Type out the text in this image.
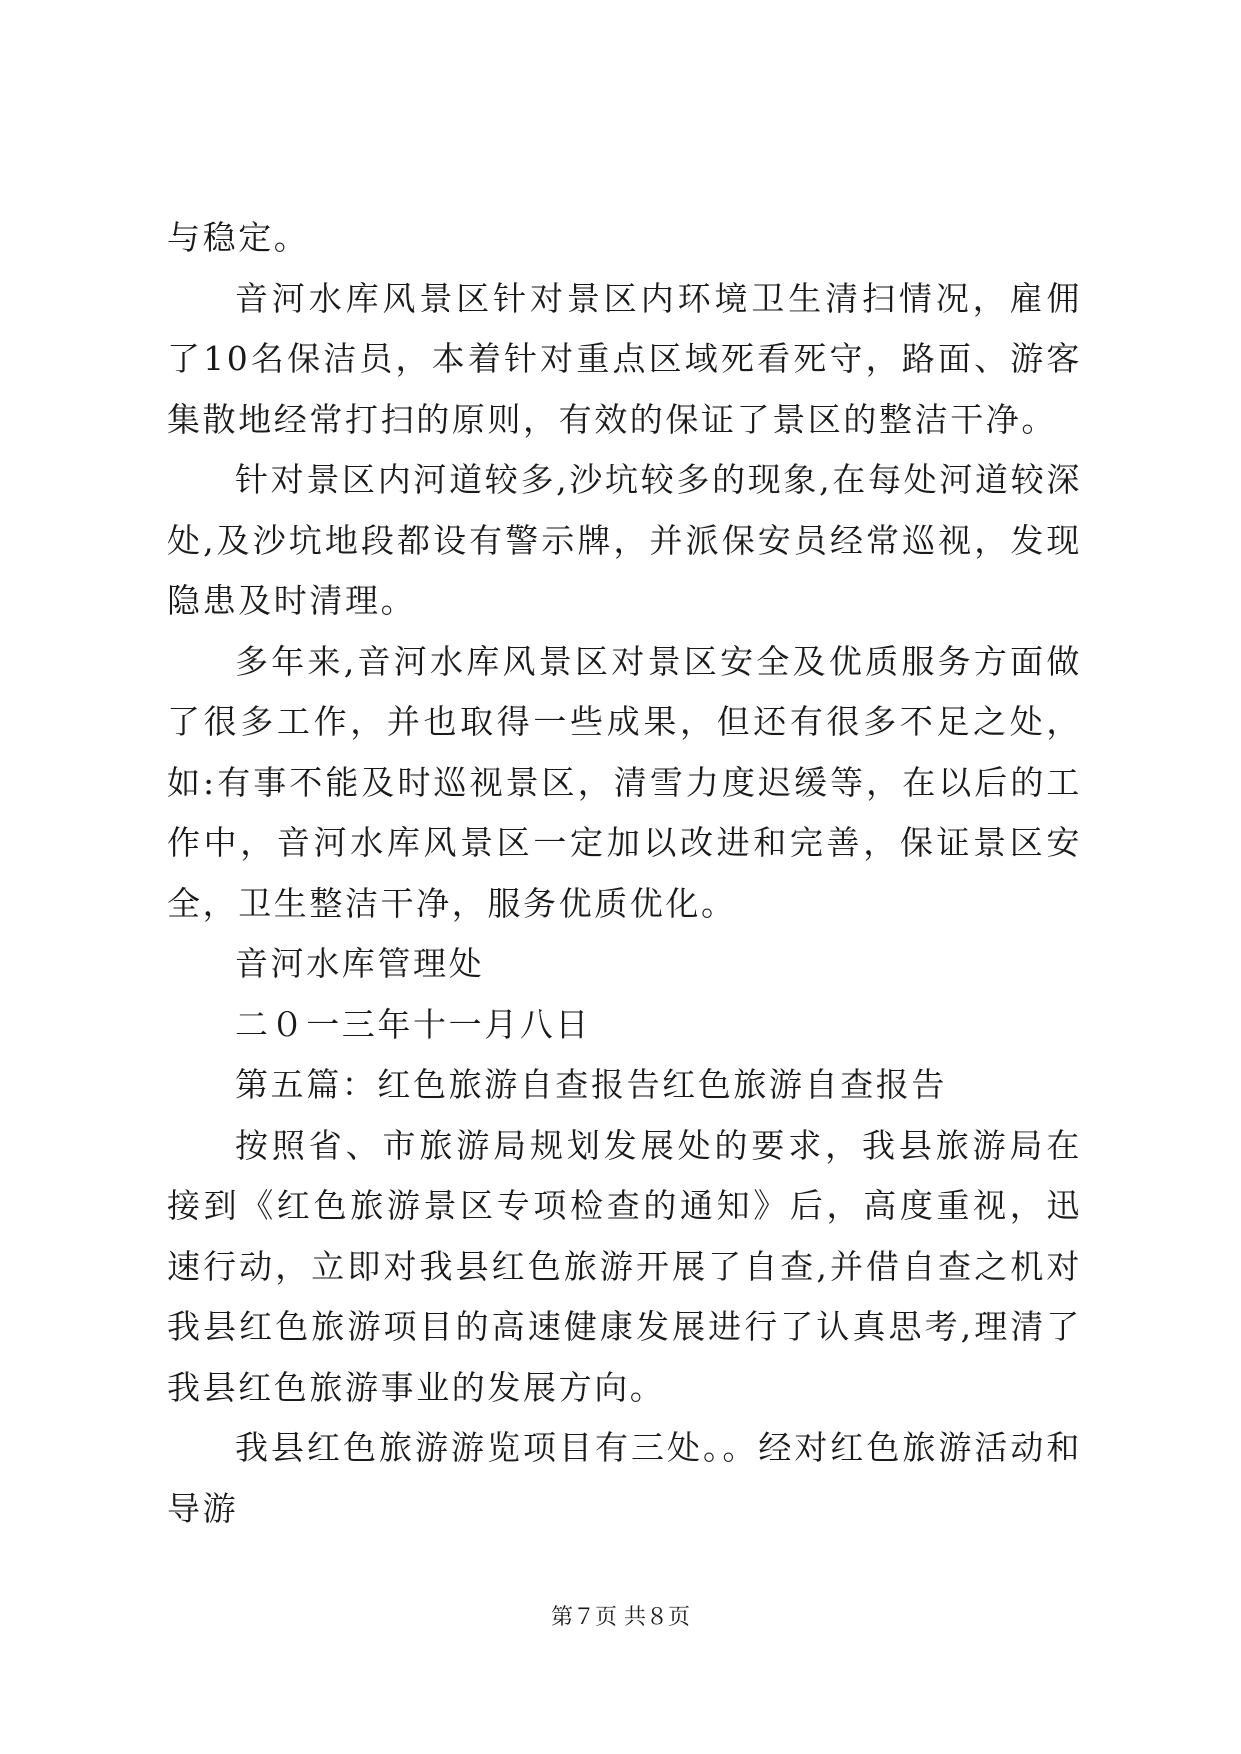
与稳定。

音河水库风景区针对景区内环境卫生清扫情况，雇佣了10名保洁员，本着针对重点区域死看死守，路面、游客集散地经常打扫的原则，有效的保证了景区的整洁干净。

针对景区内河道较多,沙坑较多的现象,在每处河道较深处,及沙坑地段都设有警示牌，并派保安员经常巡视，发现隐患及时清理。

多年来,音河水库风景区对景区安全及优质服务方面做了很多工作，并也取得一些成果，但还有很多不足之处，如:有事不能及时巡视景区，清雪力度迟缓等，在以后的工作中，音河水库风景区一定加以改进和完善，保证景区安全，卫生整洁干净，服务优质优化。

音河水库管理处

二０一三年十一月八日

第五篇：红色旅游自查报告红色旅游自查报告

按照省、市旅游局规划发展处的要求，我县旅游局在接到《红色旅游景区专项检查的通知》后，高度重视，迅速行动，立即对我县红色旅游开展了自查,并借自查之机对我县红色旅游项目的高速健康发展进行了认真思考,理清了我县红色旅游事业的发展方向。

我县红色旅游游览项目有三处。。经对红色旅游活动和导游

第７页 共８页
